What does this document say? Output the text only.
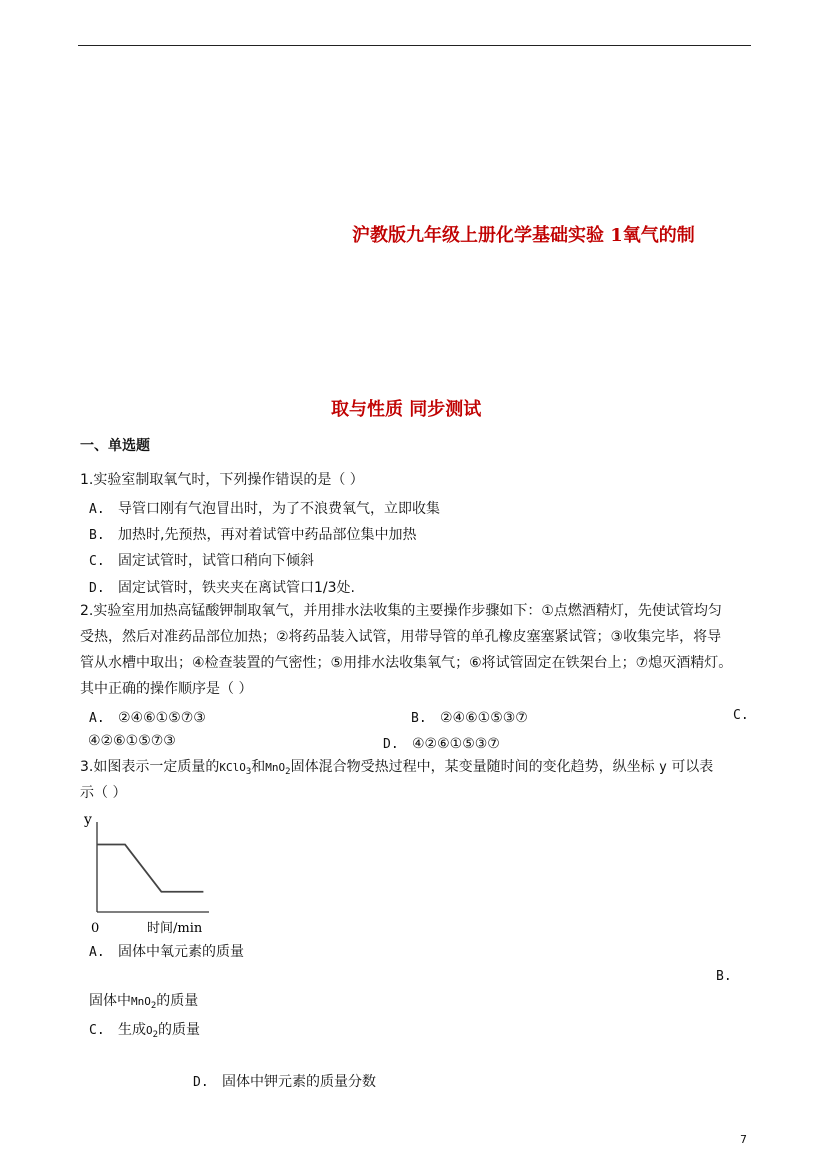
沪教版九年级上册化学基础实验 1氧气的制
取与性质 同步测试
一、单选题
1.实验室制取氧气时，下列操作错误的是（ ）
A. 导管口刚有气泡冒出时，为了不浪费氧气，立即收集
B. 加热时,先预热，再对着试管中药品部位集中加热
C. 固定试管时，试管口稍向下倾斜
D. 固定试管时，铁夹夹在离试管口1/3处.
2.实验室用加热高锰酸钾制取氧气，并用排水法收集的主要操作步骤如下：①点燃酒精灯，先使试管均匀
受热，然后对准药品部位加热；②将药品装入试管，用带导管的单孔橡皮塞塞紧试管；③收集完毕，将导
管从水槽中取出；④检查装置的气密性；⑤用排水法收集氧气；⑥将试管固定在铁架台上；⑦熄灭酒精灯。
其中正确的操作顺序是（ ）
A. ②④⑥①⑤⑦③	B. ②④⑥①⑤③⑦	C.
④②⑥①⑤⑦③	D. ④②⑥①⑤③⑦
3.如图表示一定质量的KClO$_3$和MnO$_2$固体混合物受热过程中，某变量随时间的变化趋势，纵坐标 y 可以表
示（ ）
y
0	时间/min
A. 固体中氧元素的质量
B.
固体中MnO$_2$的质量
C. 生成$O_2$的质量
D. 固体中钾元素的质量分数
7
